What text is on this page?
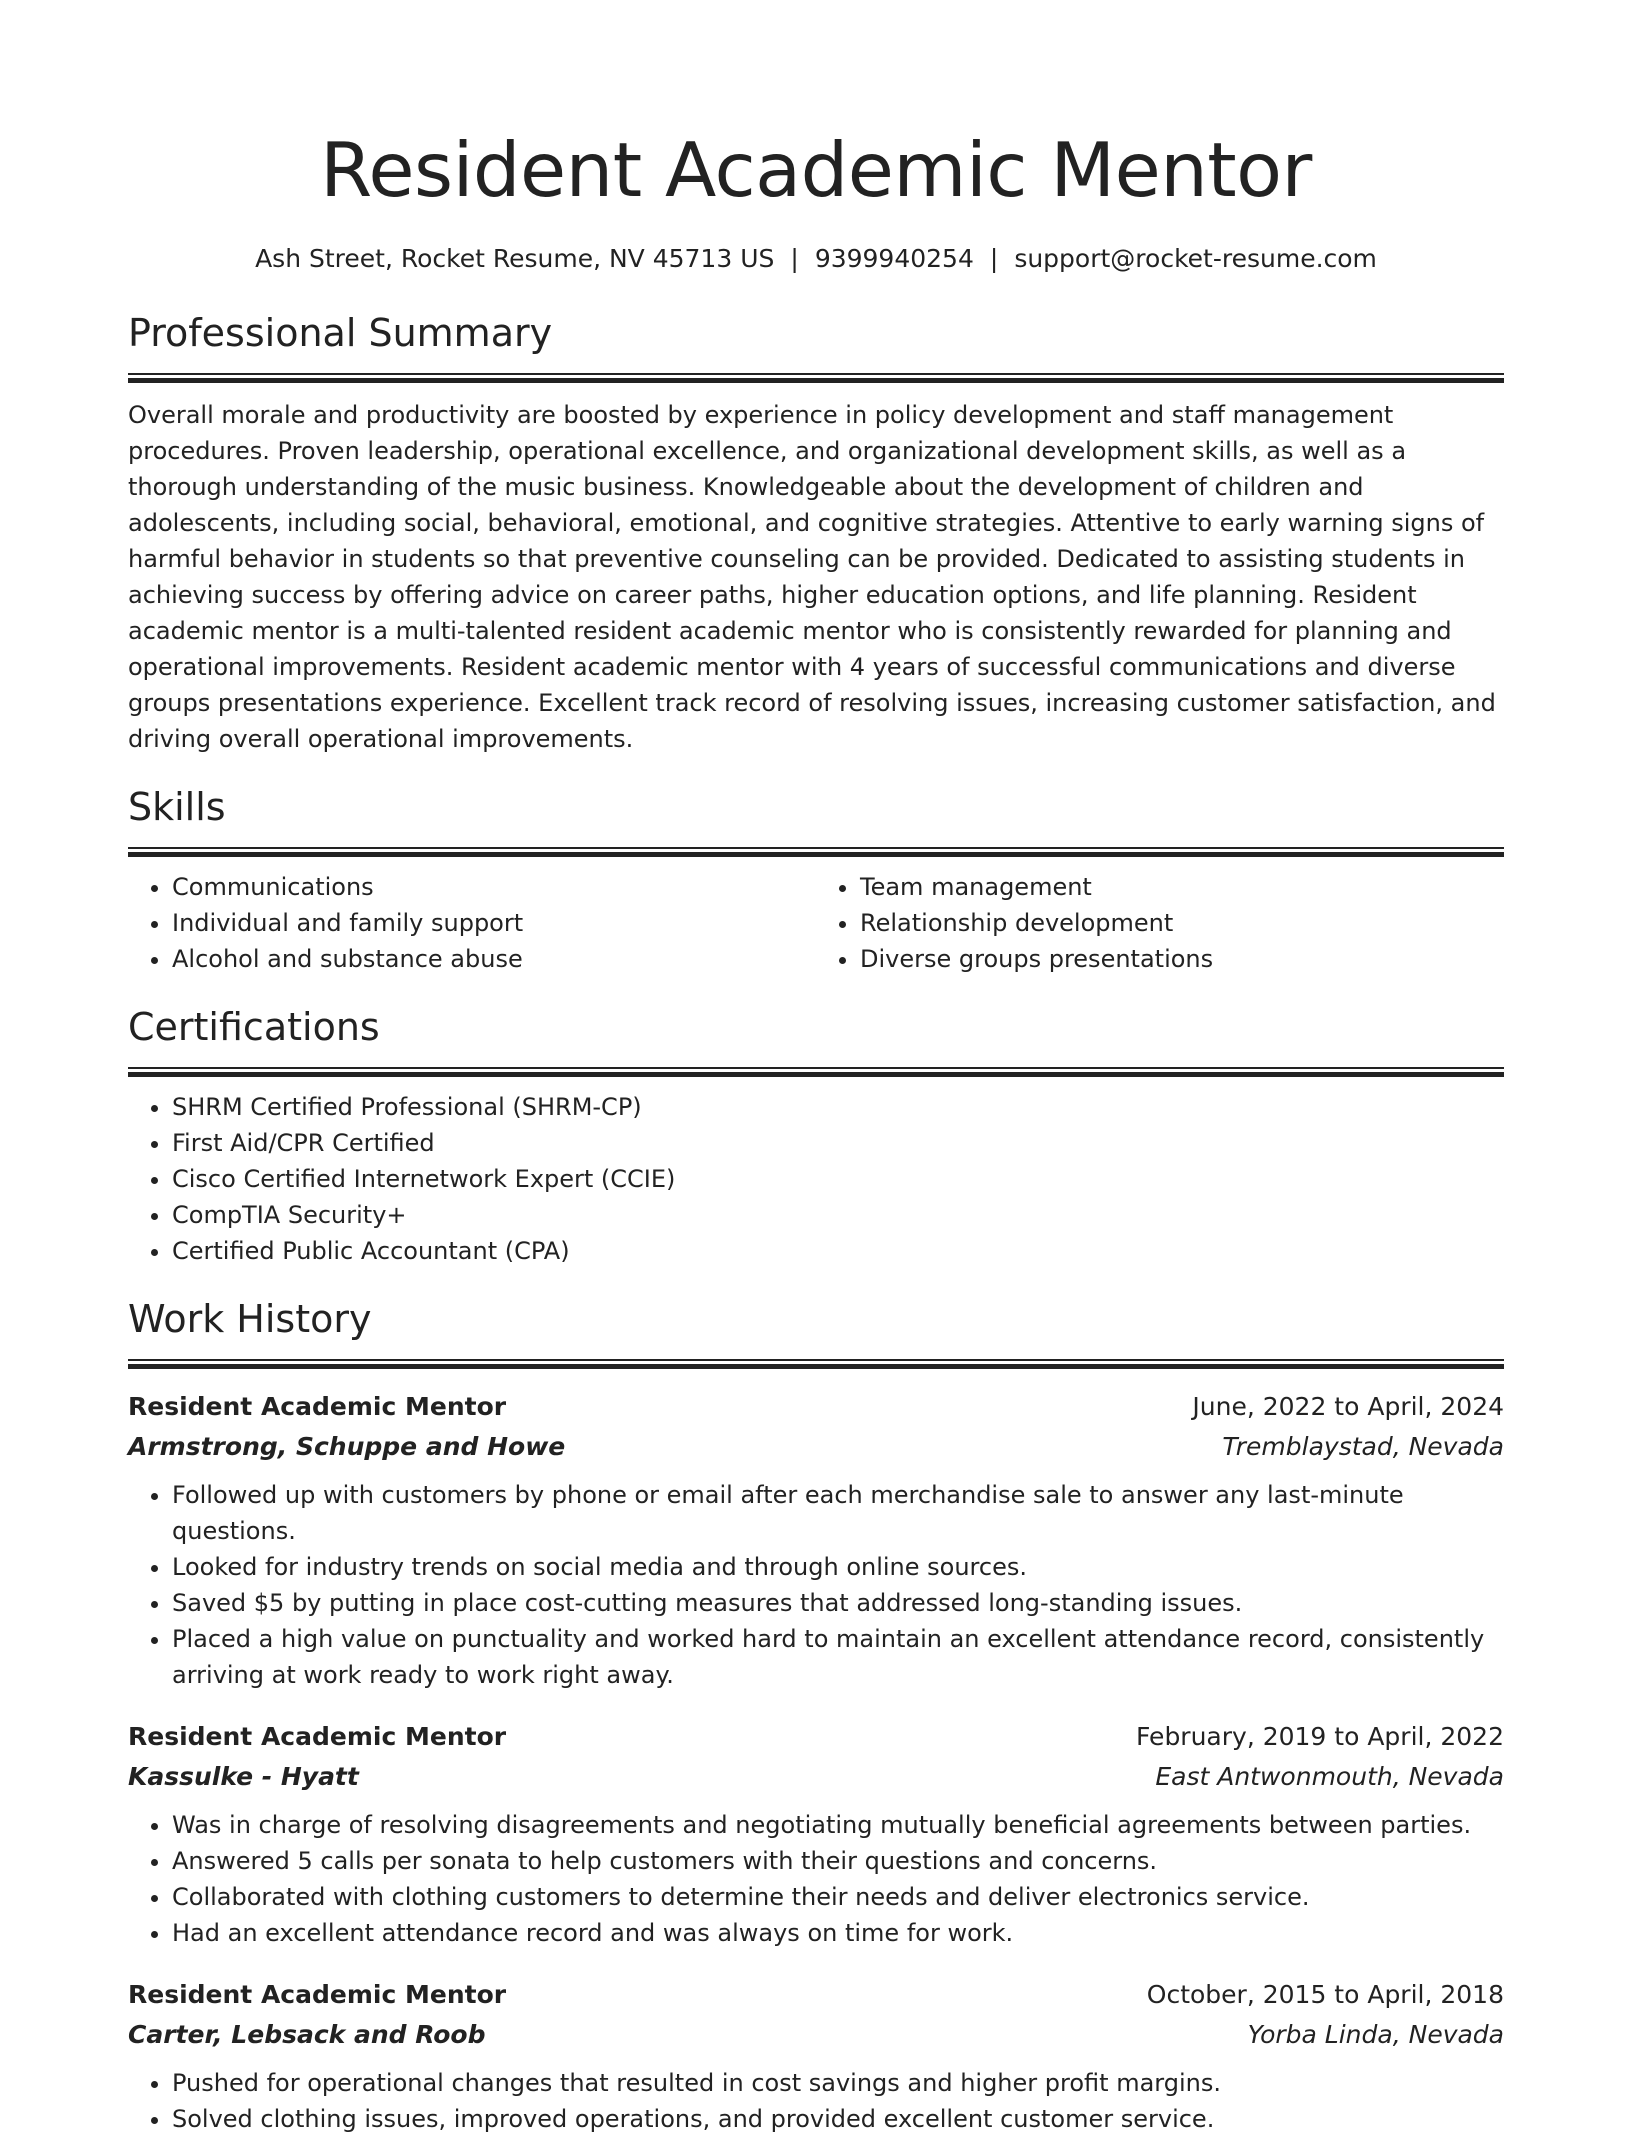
Resident Academic Mentor
Ash Street, Rocket Resume, NV 45713 US | 9399940254 | support@rocket-resume.com
Professional Summary
Overall morale and productivity are boosted by experience in policy development and staff management procedures. Proven leadership, operational excellence, and organizational development skills, as well as a thorough understanding of the music business. Knowledgeable about the development of children and adolescents, including social, behavioral, emotional, and cognitive strategies. Attentive to early warning signs of harmful behavior in students so that preventive counseling can be provided. Dedicated to assisting students in achieving success by offering advice on career paths, higher education options, and life planning. Resident academic mentor is a multi-talented resident academic mentor who is consistently rewarded for planning and operational improvements. Resident academic mentor with 4 years of successful communications and diverse groups presentations experience. Excellent track record of resolving issues, increasing customer satisfaction, and driving overall operational improvements.
Skills
• Communications
• Individual and family support
• Alcohol and substance abuse
• Team management
• Relationship development
• Diverse groups presentations
Certifications
• SHRM Certified Professional (SHRM-CP)
• First Aid/CPR Certified
• Cisco Certified Internetwork Expert (CCIE)
• CompTIA Security+
• Certified Public Accountant (CPA)
Work History
Resident Academic Mentor	June, 2022 to April, 2024
Armstrong, Schuppe and Howe	Tremblaystad, Nevada
• Followed up with customers by phone or email after each merchandise sale to answer any last-minute questions.
• Looked for industry trends on social media and through online sources.
• Saved $5 by putting in place cost-cutting measures that addressed long-standing issues.
• Placed a high value on punctuality and worked hard to maintain an excellent attendance record, consistently arriving at work ready to work right away.
Resident Academic Mentor	February, 2019 to April, 2022
Kassulke - Hyatt	East Antwonmouth, Nevada
• Was in charge of resolving disagreements and negotiating mutually beneficial agreements between parties.
• Answered 5 calls per sonata to help customers with their questions and concerns.
• Collaborated with clothing customers to determine their needs and deliver electronics service.
• Had an excellent attendance record and was always on time for work.
Resident Academic Mentor	October, 2015 to April, 2018
Carter, Lebsack and Roob	Yorba Linda, Nevada
• Pushed for operational changes that resulted in cost savings and higher profit margins.
• Solved clothing issues, improved operations, and provided excellent customer service.
